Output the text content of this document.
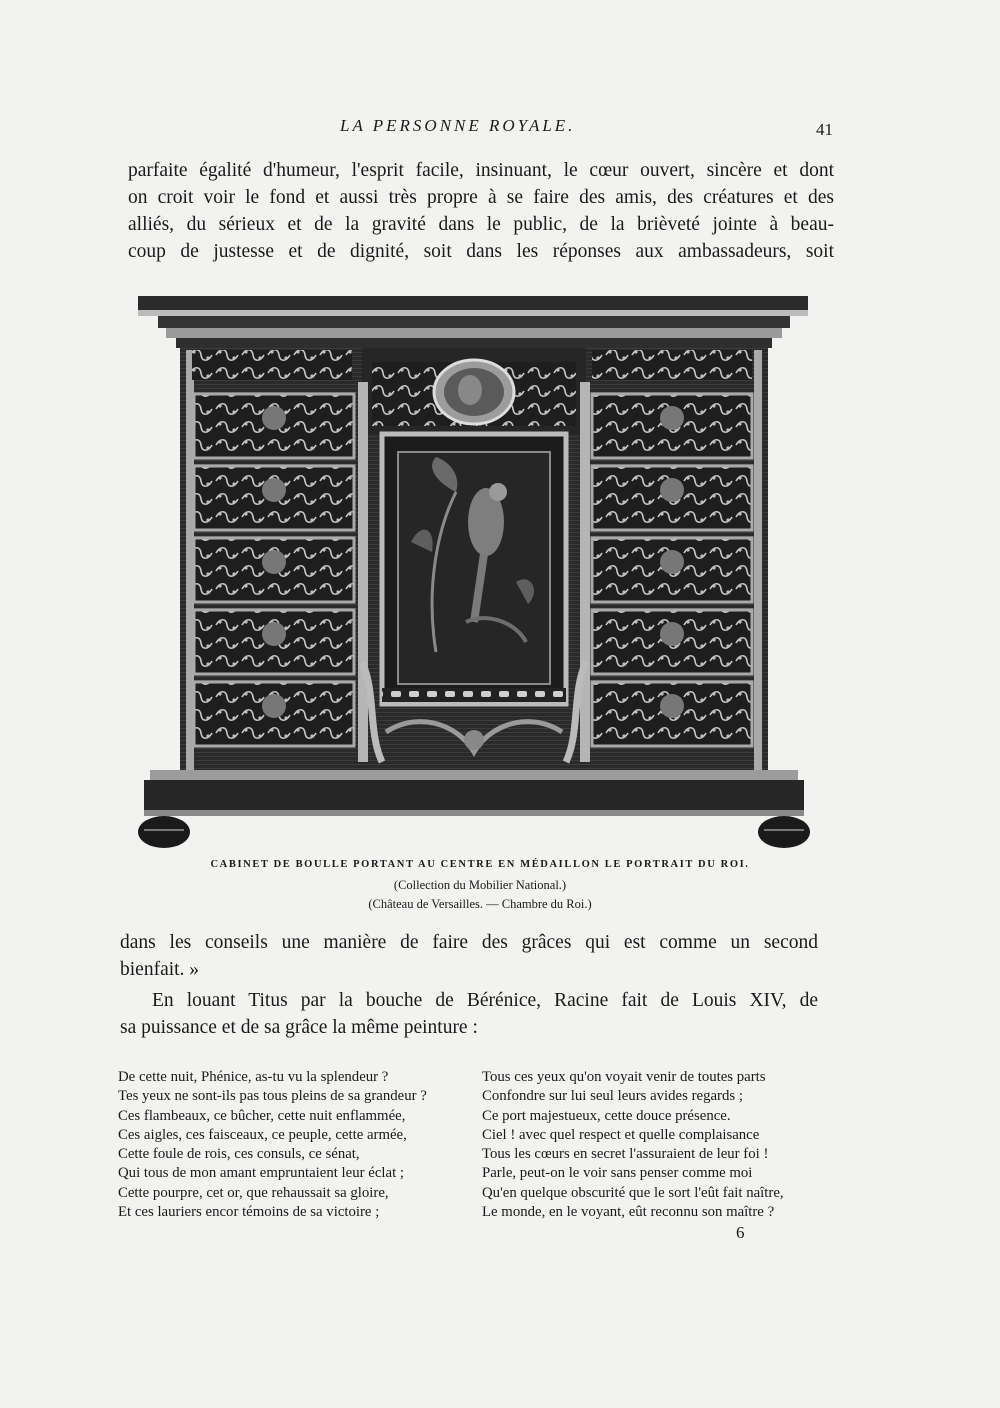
LA PERSONNE ROYALE.	41
parfaite égalité d'humeur, l'esprit facile, insinuant, le cœur ouvert, sincère et dont
on croit voir le fond et aussi très propre à se faire des amis, des créatures et des
alliés, du sérieux et de la gravité dans le public, de la brièveté jointe à beau-
coup de justesse et de dignité, soit dans les réponses aux ambassadeurs, soit
CABINET DE BOULLE PORTANT AU CENTRE EN MÉDAILLON LE PORTRAIT DU ROI.
(Collection du Mobilier National.)
(Château de Versailles. — Chambre du Roi.)
dans les conseils une manière de faire des grâces qui est comme un second
bienfait. »
En louant Titus par la bouche de Bérénice, Racine fait de Louis XIV, de
sa puissance et de sa grâce la même peinture :
De cette nuit, Phénice, as-tu vu la splendeur ?
Tes yeux ne sont-ils pas tous pleins de sa grandeur ?
Ces flambeaux, ce bûcher, cette nuit enflammée,
Ces aigles, ces faisceaux, ce peuple, cette armée,
Cette foule de rois, ces consuls, ce sénat,
Qui tous de mon amant empruntaient leur éclat ;
Cette pourpre, cet or, que rehaussait sa gloire,
Et ces lauriers encor témoins de sa victoire ;
Tous ces yeux qu'on voyait venir de toutes parts
Confondre sur lui seul leurs avides regards ;
Ce port majestueux, cette douce présence.
Ciel ! avec quel respect et quelle complaisance
Tous les cœurs en secret l'assuraient de leur foi !
Parle, peut-on le voir sans penser comme moi
Qu'en quelque obscurité que le sort l'eût fait naître,
Le monde, en le voyant, eût reconnu son maître ?
6
